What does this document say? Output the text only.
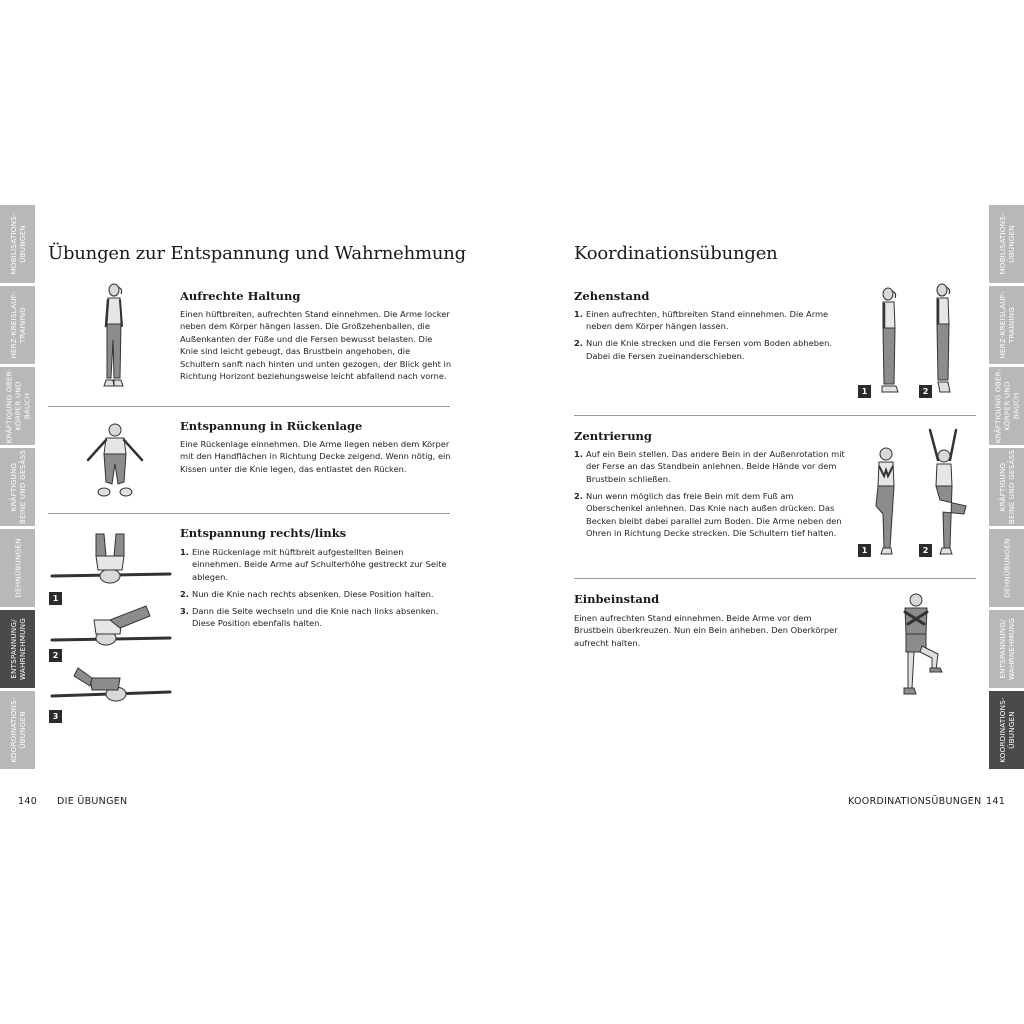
MOBILISATIONS-
ÜBUNGEN
HERZ-KREISLAUF-
TRAINING
KRÄFTIGUNG OBER-
KÖRPER UND BAUCH
KRÄFTIGUNG
BEINE UND GESÄSS
DEHNÜBUNGEN
ENTSPANNUNG/
WAHRNEHMUNG
KOORDINATIONS-
ÜBUNGEN
MOBILISATIONS-
ÜBUNGEN
HERZ-KREISLAUF-
TRAINING
KRÄFTIGUNG OBER-
KÖRPER UND BAUCH
KRÄFTIGUNG
BEINE UND GESÄSS
DEHNÜBUNGEN
ENTSPANNUNG/
WAHRNEHMUNG
KOORDINATIONS-
ÜBUNGEN
Übungen zur Entspannung und Wahrnehmung
Aufrechte Haltung

Einen hüftbreiten, aufrechten Stand einnehmen. Die Arme locker neben dem Körper hängen lassen. Die Großzehenballen, die Außenkanten der Füße und die Fersen bewusst belasten. Die Knie sind leicht gebeugt, das Brustbein angehoben, die Schultern sanft nach hinten und unten gezogen, der Blick geht in Richtung Horizont beziehungsweise leicht abfallend nach vorne.

Entspannung in Rückenlage

Eine Rückenlage einnehmen. Die Arme liegen neben dem Körper mit den Handflächen in Richtung Decke zeigend. Wenn nötig, ein Kissen unter die Knie legen, das entlastet den Rücken.

1
2
3
Entspannung rechts/links
1. Eine Rückenlage mit hüftbreit aufgestellten Beinen einnehmen. Beide Arme auf Schulterhöhe gestreckt zur Seite ablegen.
2. Nun die Knie nach rechts absenken. Diese Position halten.
3. Dann die Seite wechseln und die Knie nach links absenken. Diese Position ebenfalls halten.
140 DIE ÜBUNGEN
Koordinationsübungen
Zehenstand
1. Einen aufrechten, hüftbreiten Stand einnehmen. Die Arme neben dem Körper hängen lassen.
2. Nun die Knie strecken und die Fersen vom Boden abheben. Dabei die Fersen zueinanderschieben.
1	2
Zentrierung
1. Auf ein Bein stellen. Das andere Bein in der Außenrotation mit der Ferse an das Standbein anlehnen. Beide Hände vor dem Brustbein schließen.
2. Nun wenn möglich das freie Bein mit dem Fuß am Oberschenkel anlehnen. Das Knie nach außen drücken. Das Becken bleibt dabei parallel zum Boden. Die Arme neben den Ohren in Richtung Decke strecken. Die Schultern tief halten.
1	2
Einbeinstand

Einen aufrechten Stand einnehmen. Beide Arme vor dem Brustbein überkreuzen. Nun ein Bein anheben. Den Oberkörper aufrecht halten.

KOORDINATIONSÜBUNGEN 141
